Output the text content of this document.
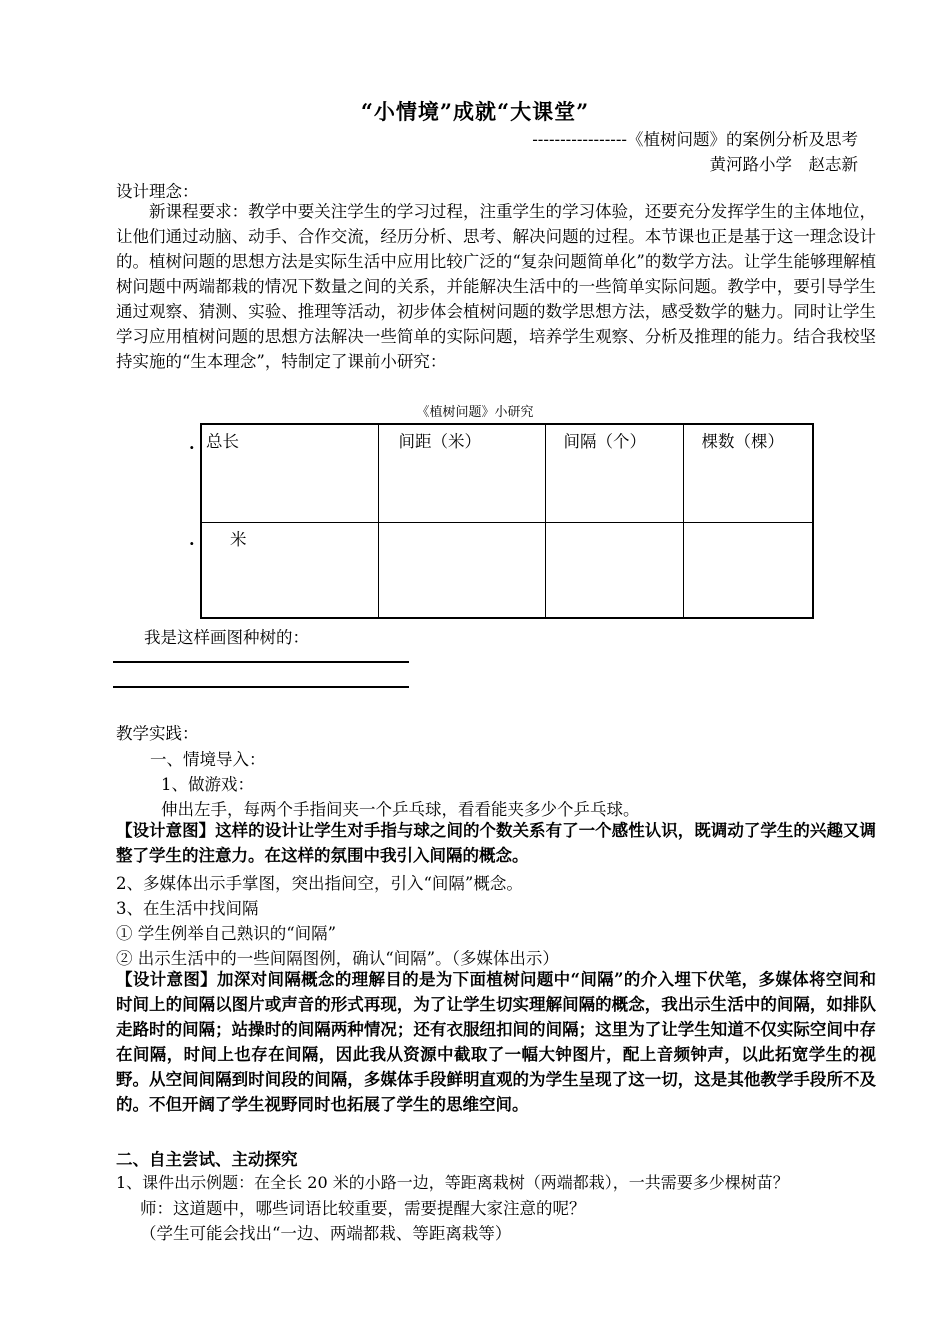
“小情境”成就“大课堂”
-----------------《植树问题》的案例分析及思考
黄河路小学　赵志新
设计理念：
新课程要求：教学中要关注学生的学习过程，注重学生的学习体验，还要充分发挥学生的主体地位，让他们通过动脑、动手、合作交流，经历分析、思考、解决问题的过程。本节课也正是基于这一理念设计的。植树问题的思想方法是实际生活中应用比较广泛的“复杂问题简单化”的数学方法。让学生能够理解植树问题中两端都栽的情况下数量之间的关系，并能解决生活中的一些简单实际问题。教学中，要引导学生通过观察、猜测、实验、推理等活动，初步体会植树问题的数学思想方法，感受数学的魅力。同时让学生学习应用植树问题的思想方法解决一些简单的实际问题，培养学生观察、分析及推理的能力。结合我校坚持实施的“生本理念”，特制定了课前小研究：
《植树问题》小研究
.
.
总长	间距（米）	间隔（个）	棵数（棵）
米			
我是这样画图种树的：
教学实践：
一、情境导入：
1、做游戏：
伸出左手，每两个手指间夹一个乒乓球，看看能夹多少个乒乓球。
【设计意图】这样的设计让学生对手指与球之间的个数关系有了一个感性认识，既调动了学生的兴趣又调整了学生的注意力。在这样的氛围中我引入间隔的概念。
2、多媒体出示手掌图，突出指间空，引入“间隔”概念。
3、在生活中找间隔
① 学生例举自己熟识的“间隔”
② 出示生活中的一些间隔图例，确认“间隔”。（多媒体出示）
【设计意图】加深对间隔概念的理解目的是为下面植树问题中“间隔”的介入埋下伏笔，多媒体将空间和时间上的间隔以图片或声音的形式再现，为了让学生切实理解间隔的概念，我出示生活中的间隔，如排队走路时的间隔；站操时的间隔两种情况；还有衣服纽扣间的间隔；这里为了让学生知道不仅实际空间中存在间隔，时间上也存在间隔，因此我从资源中截取了一幅大钟图片，配上音频钟声，以此拓宽学生的视野。从空间间隔到时间段的间隔，多媒体手段鲜明直观的为学生呈现了这一切，这是其他教学手段所不及的。不但开阔了学生视野同时也拓展了学生的思维空间。
二、自主尝试、主动探究
1、课件出示例题：在全长 20 米的小路一边，等距离栽树（两端都栽），一共需要多少棵树苗？
师：这道题中，哪些词语比较重要，需要提醒大家注意的呢？
（学生可能会找出“一边、两端都栽、等距离栽等）
